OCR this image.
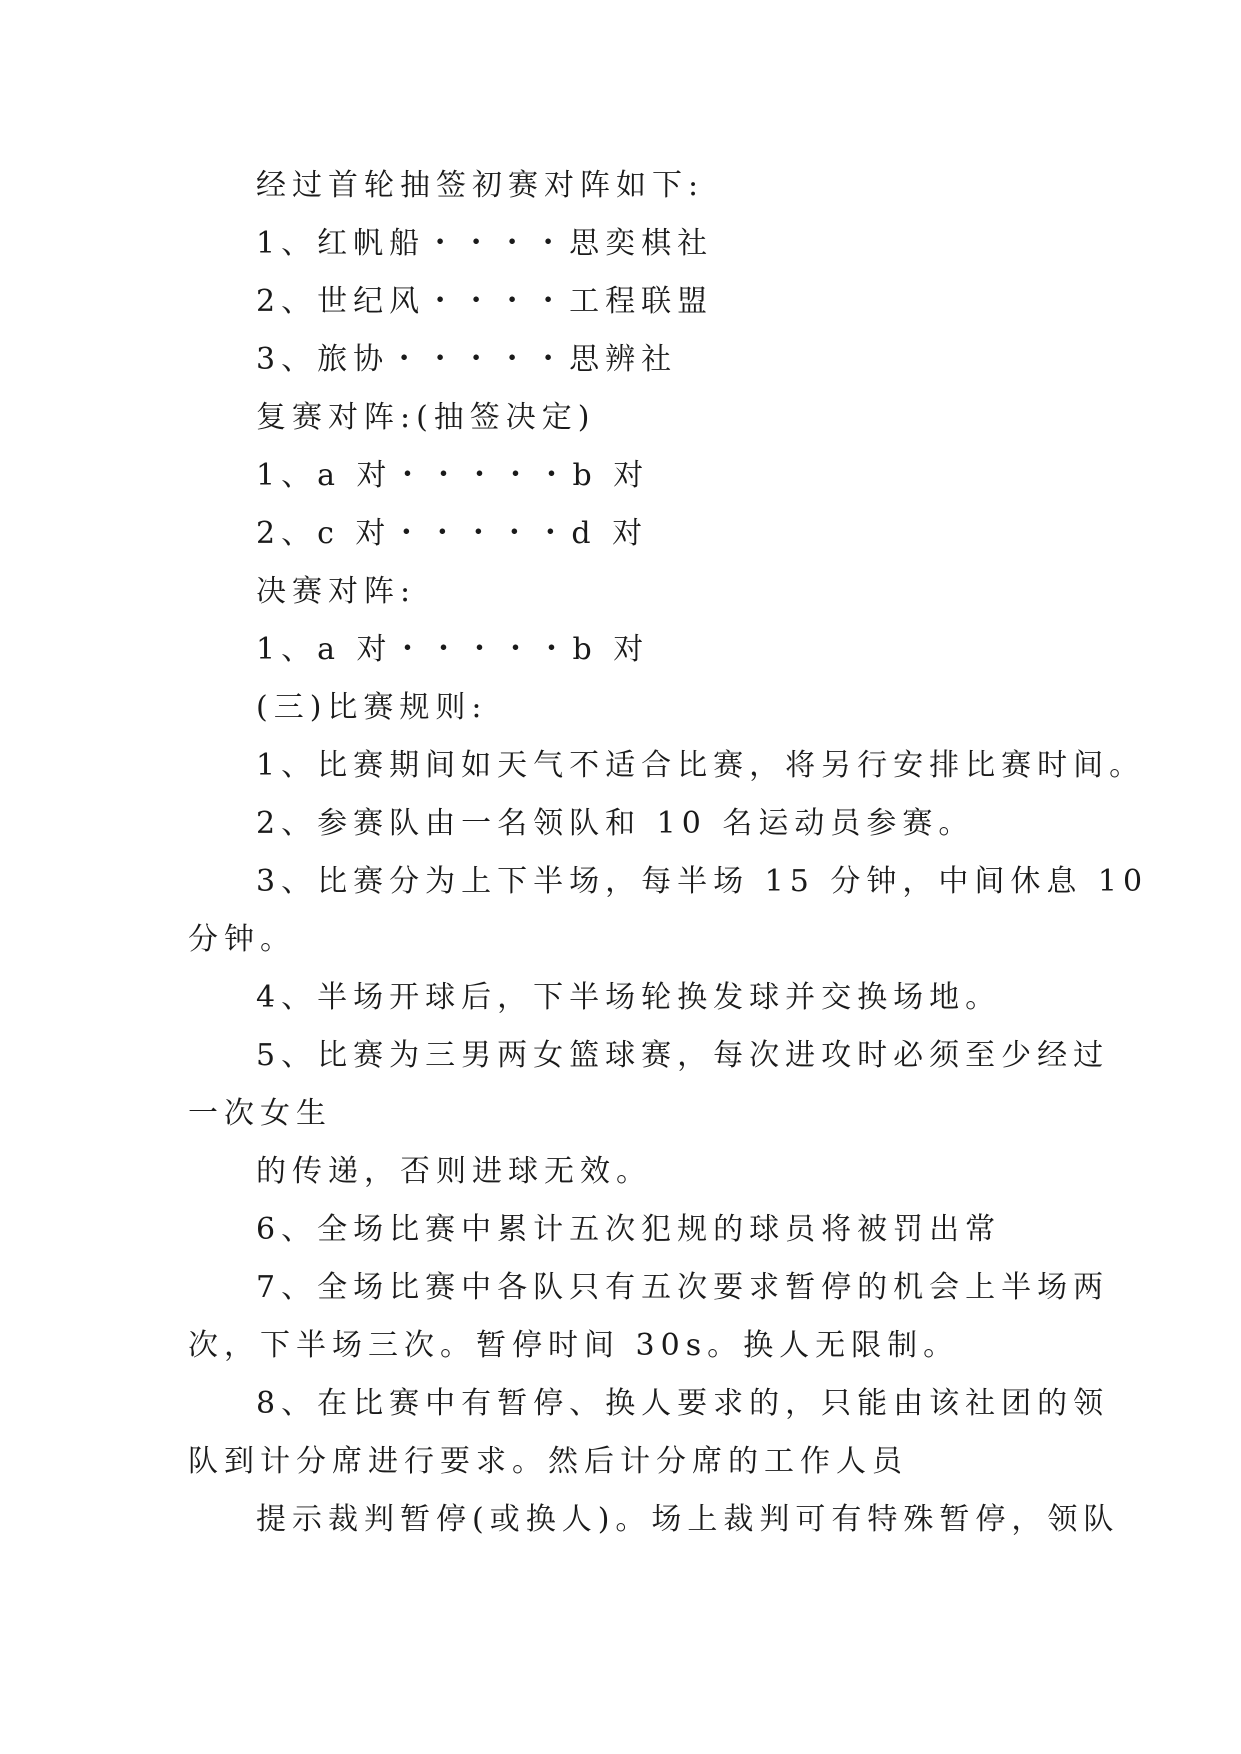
经过首轮抽签初赛对阵如下:
1、红帆船・・・・思奕棋社
2、世纪风・・・・工程联盟
3、旅协・・・・・思辨社
复赛对阵:(抽签决定)
1、a 对・・・・・b 对
2、c 对・・・・・d 对
决赛对阵:
1、a 对・・・・・b 对
(三)比赛规则:
1、比赛期间如天气不适合比赛，将另行安排比赛时间。
2、参赛队由一名领队和 10 名运动员参赛。
3、比赛分为上下半场，每半场 15 分钟，中间休息 10
分钟。
4、半场开球后，下半场轮换发球并交换场地。
5、比赛为三男两女篮球赛，每次进攻时必须至少经过
一次女生
的传递，否则进球无效。
6、全场比赛中累计五次犯规的球员将被罚出常
7、全场比赛中各队只有五次要求暂停的机会上半场两
次，下半场三次。暂停时间 30s。换人无限制。
8、在比赛中有暂停、换人要求的，只能由该社团的领
队到计分席进行要求。然后计分席的工作人员
提示裁判暂停(或换人)。场上裁判可有特殊暂停，领队
